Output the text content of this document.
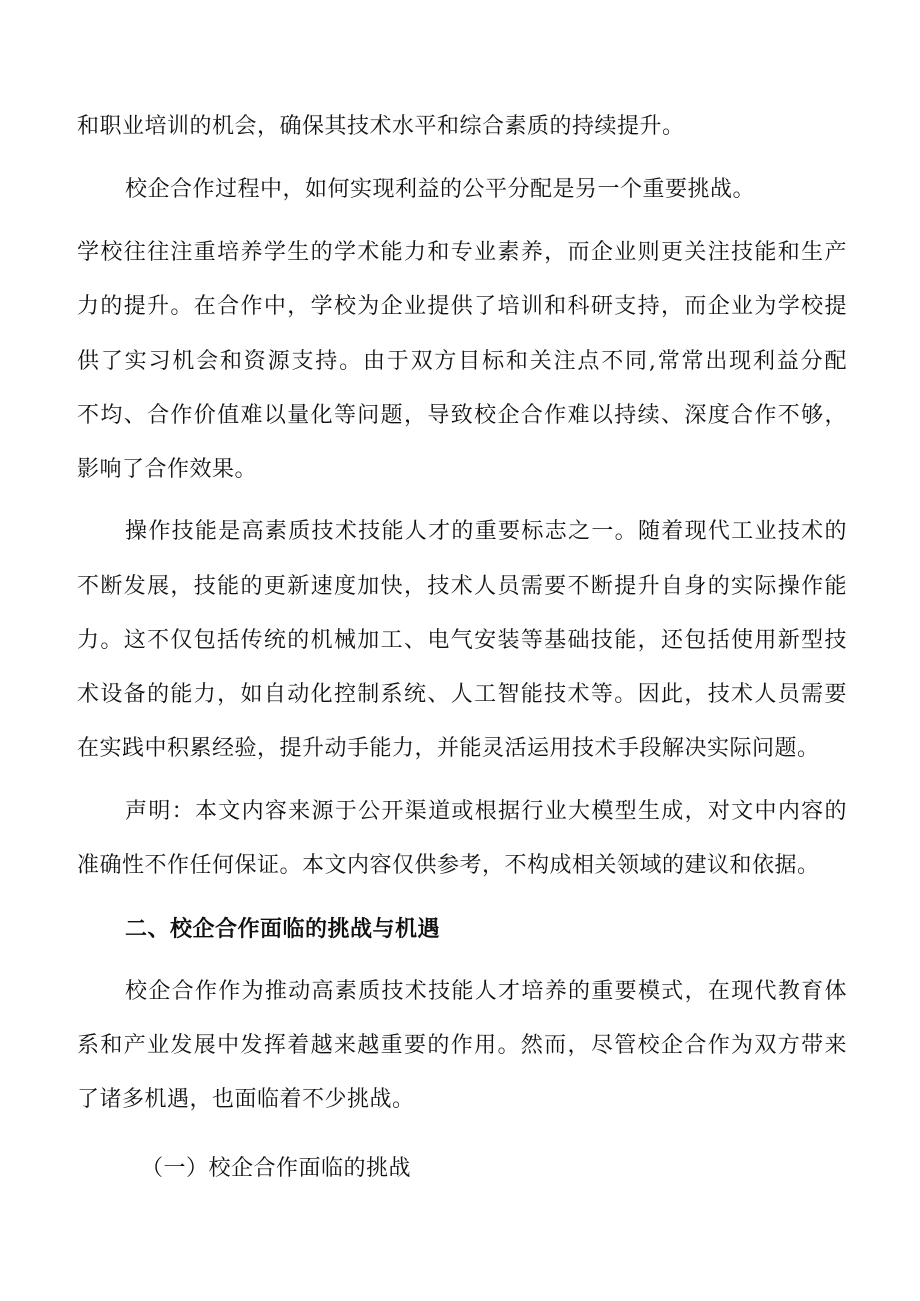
和职业培训的机会，确保其技术水平和综合素质的持续提升。
校企合作过程中，如何实现利益的公平分配是另一个重要挑战。
学校往往注重培养学生的学术能力和专业素养，而企业则更关注技能和生产
力的提升。在合作中，学校为企业提供了培训和科研支持，而企业为学校提
供了实习机会和资源支持。由于双方目标和关注点不同,常常出现利益分配
不均、合作价值难以量化等问题，导致校企合作难以持续、深度合作不够，
影响了合作效果。
操作技能是高素质技术技能人才的重要标志之一。随着现代工业技术的
不断发展，技能的更新速度加快，技术人员需要不断提升自身的实际操作能
力。这不仅包括传统的机械加工、电气安装等基础技能，还包括使用新型技
术设备的能力，如自动化控制系统、人工智能技术等。因此，技术人员需要
在实践中积累经验，提升动手能力，并能灵活运用技术手段解决实际问题。
声明：本文内容来源于公开渠道或根据行业大模型生成，对文中内容的
准确性不作任何保证。本文内容仅供参考，不构成相关领域的建议和依据。
二、校企合作面临的挑战与机遇
校企合作作为推动高素质技术技能人才培养的重要模式，在现代教育体
系和产业发展中发挥着越来越重要的作用。然而，尽管校企合作为双方带来
了诸多机遇，也面临着不少挑战。
（一）校企合作面临的挑战
